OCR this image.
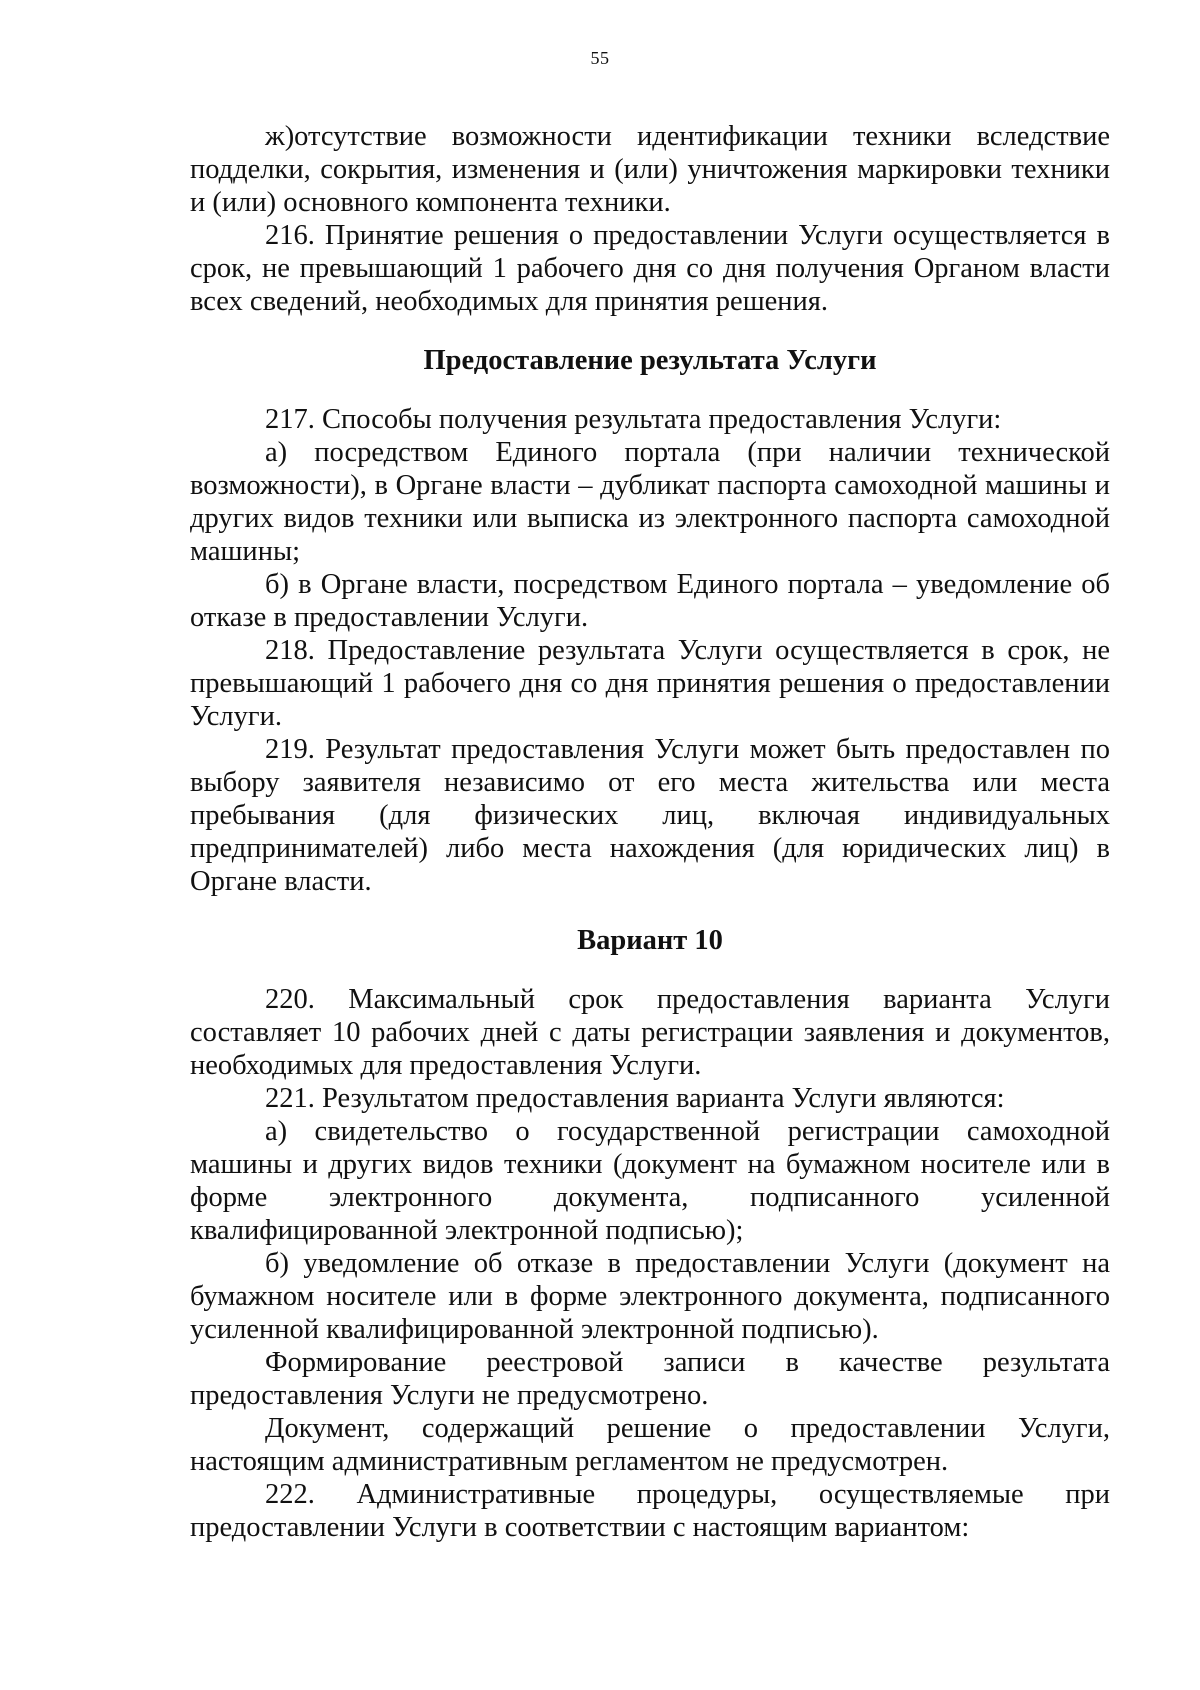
55

ж)отсутствие возможности идентификации техники вследствие подделки, сокрытия, изменения и (или) уничтожения маркировки техники и (или) основного компонента техники.

216. Принятие решения о предоставлении Услуги осуществляется в срок, не превышающий 1 рабочего дня со дня получения Органом власти всех сведений, необходимых для принятия решения.

Предоставление результата Услуги

217. Способы получения результата предоставления Услуги:

а) посредством Единого портала (при наличии технической возможности), в Органе власти – дубликат паспорта самоходной машины и других видов техники или выписка из электронного паспорта самоходной машины;

б) в Органе власти, посредством Единого портала – уведомление об отказе в предоставлении Услуги.

218. Предоставление результата Услуги осуществляется в срок, не превышающий 1 рабочего дня со дня принятия решения о предоставлении Услуги.

219. Результат предоставления Услуги может быть предоставлен по выбору заявителя независимо от его места жительства или места пребывания (для физических лиц, включая индивидуальных предпринимателей) либо места нахождения (для юридических лиц) в Органе власти.

Вариант 10

220. Максимальный срок предоставления варианта Услуги составляет 10 рабочих дней с даты регистрации заявления и документов, необходимых для предоставления Услуги.

221. Результатом предоставления варианта Услуги являются:

а) свидетельство о государственной регистрации самоходной машины и других видов техники (документ на бумажном носителе или в форме электронного документа, подписанного усиленной квалифицированной электронной подписью);

б) уведомление об отказе в предоставлении Услуги (документ на бумажном носителе или в форме электронного документа, подписанного усиленной квалифицированной электронной подписью).

Формирование реестровой записи в качестве результата предоставления Услуги не предусмотрено.

Документ, содержащий решение о предоставлении Услуги, настоящим административным регламентом не предусмотрен.

222. Административные процедуры, осуществляемые при предоставлении Услуги в соответствии с настоящим вариантом:
